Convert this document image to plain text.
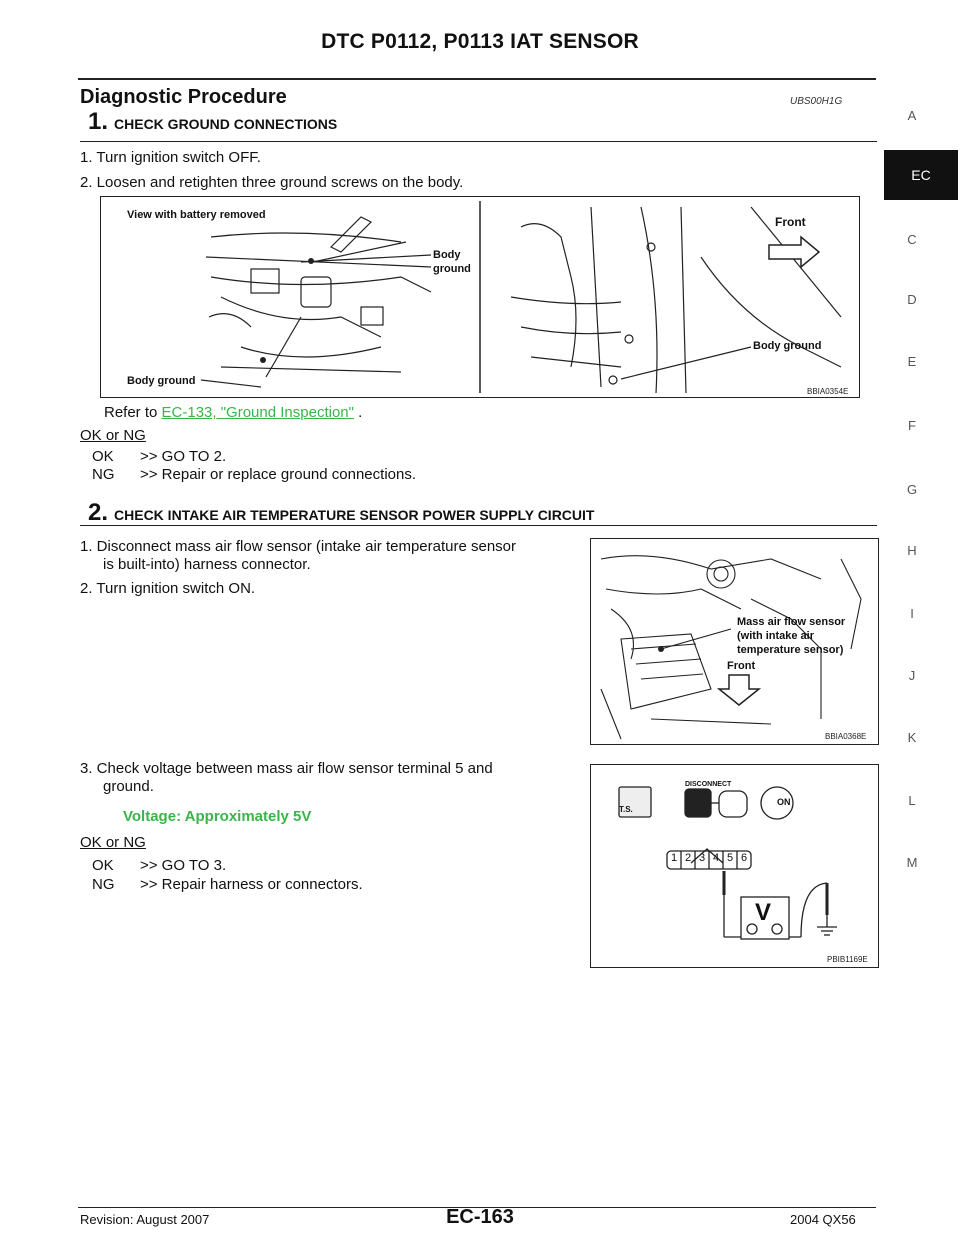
DTC P0112, P0113 IAT SENSOR
Diagnostic Procedure	UBS00H1G
1. CHECK GROUND CONNECTIONS
1. Turn ignition switch OFF.
2. Loosen and retighten three ground screws on the body.
View with battery removed
Body
ground
Front
Body ground
Body ground
BBIA0354E
Refer to EC-133, "Ground Inspection" .
OK or NG
OK >> GO TO 2.
NG >> Repair or replace ground connections.
2. CHECK INTAKE AIR TEMPERATURE SENSOR POWER SUPPLY CIRCUIT
1. Disconnect mass air flow sensor (intake air temperature sensor
is built-into) harness connector.
2. Turn ignition switch ON.
Mass air flow sensor
(with intake air
temperature sensor)
Front
BBIA0368E
3. Check voltage between mass air flow sensor terminal 5 and
ground.
Voltage: Approximately 5V	T.S.
DISCONNECT
ON
1 2 3 4 5 6
V
PBIB1169E
OK or NG
OK >> GO TO 3.
NG >> Repair harness or connectors.
A
EC
C
D
E
F
G
H
I
J
K
L
M
Revision: August 2007	EC-163	2004 QX56
